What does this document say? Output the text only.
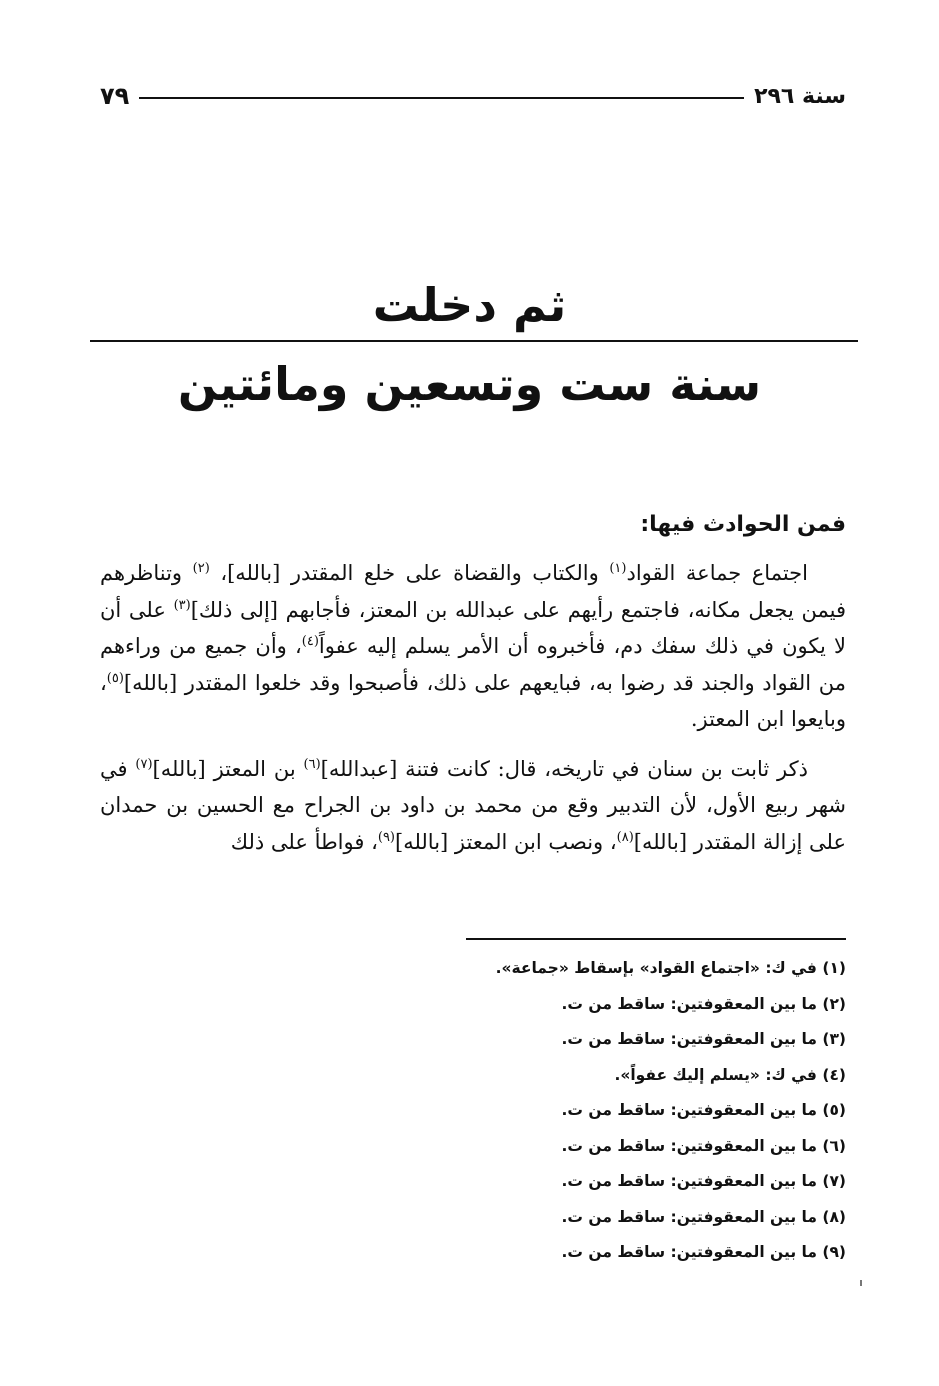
سنة ٢٩٦
٧٩
ثم دخلت
سنة ست وتسعين ومائتين
فمن الحوادث فيها:

اجتماع جماعة القواد$^{(١)}$ والكتاب والقضاة على خلع المقتدر [بالله]، $^{(٢)}$ وتناظرهم فيمن يجعل مكانه، فاجتمع رأيهم على عبدالله بن المعتز، فأجابهم [إلى ذلك]$^{(٣)}$ على أن لا يكون في ذلك سفك دم، فأخبروه أن الأمر يسلم إليه عفواً$^{(٤)}$، وأن جميع من وراءهم من القواد والجند قد رضوا به، فبايعهم على ذلك، فأصبحوا وقد خلعوا المقتدر [بالله]$^{(٥)}$، وبايعوا ابن المعتز.

ذكر ثابت بن سنان في تاريخه، قال: كانت فتنة [عبدالله]$^{(٦)}$ بن المعتز [بالله]$^{(٧)}$ في شهر ربيع الأول، لأن التدبير وقع من محمد بن داود بن الجراح مع الحسين بن حمدان على إزالة المقتدر [بالله]$^{(٨)}$، ونصب ابن المعتز [بالله]$^{(٩)}$، فواطأ على ذلك

(١) في ك: «اجتماع القواد» بإسقاط «جماعة».
(٢) ما بين المعقوفتين: ساقط من ت.
(٣) ما بين المعقوفتين: ساقط من ت.
(٤) في ك: «يسلم إليك عفواً».
(٥) ما بين المعقوفتين: ساقط من ت.
(٦) ما بين المعقوفتين: ساقط من ت.
(٧) ما بين المعقوفتين: ساقط من ت.
(٨) ما بين المعقوفتين: ساقط من ت.
(٩) ما بين المعقوفتين: ساقط من ت.
